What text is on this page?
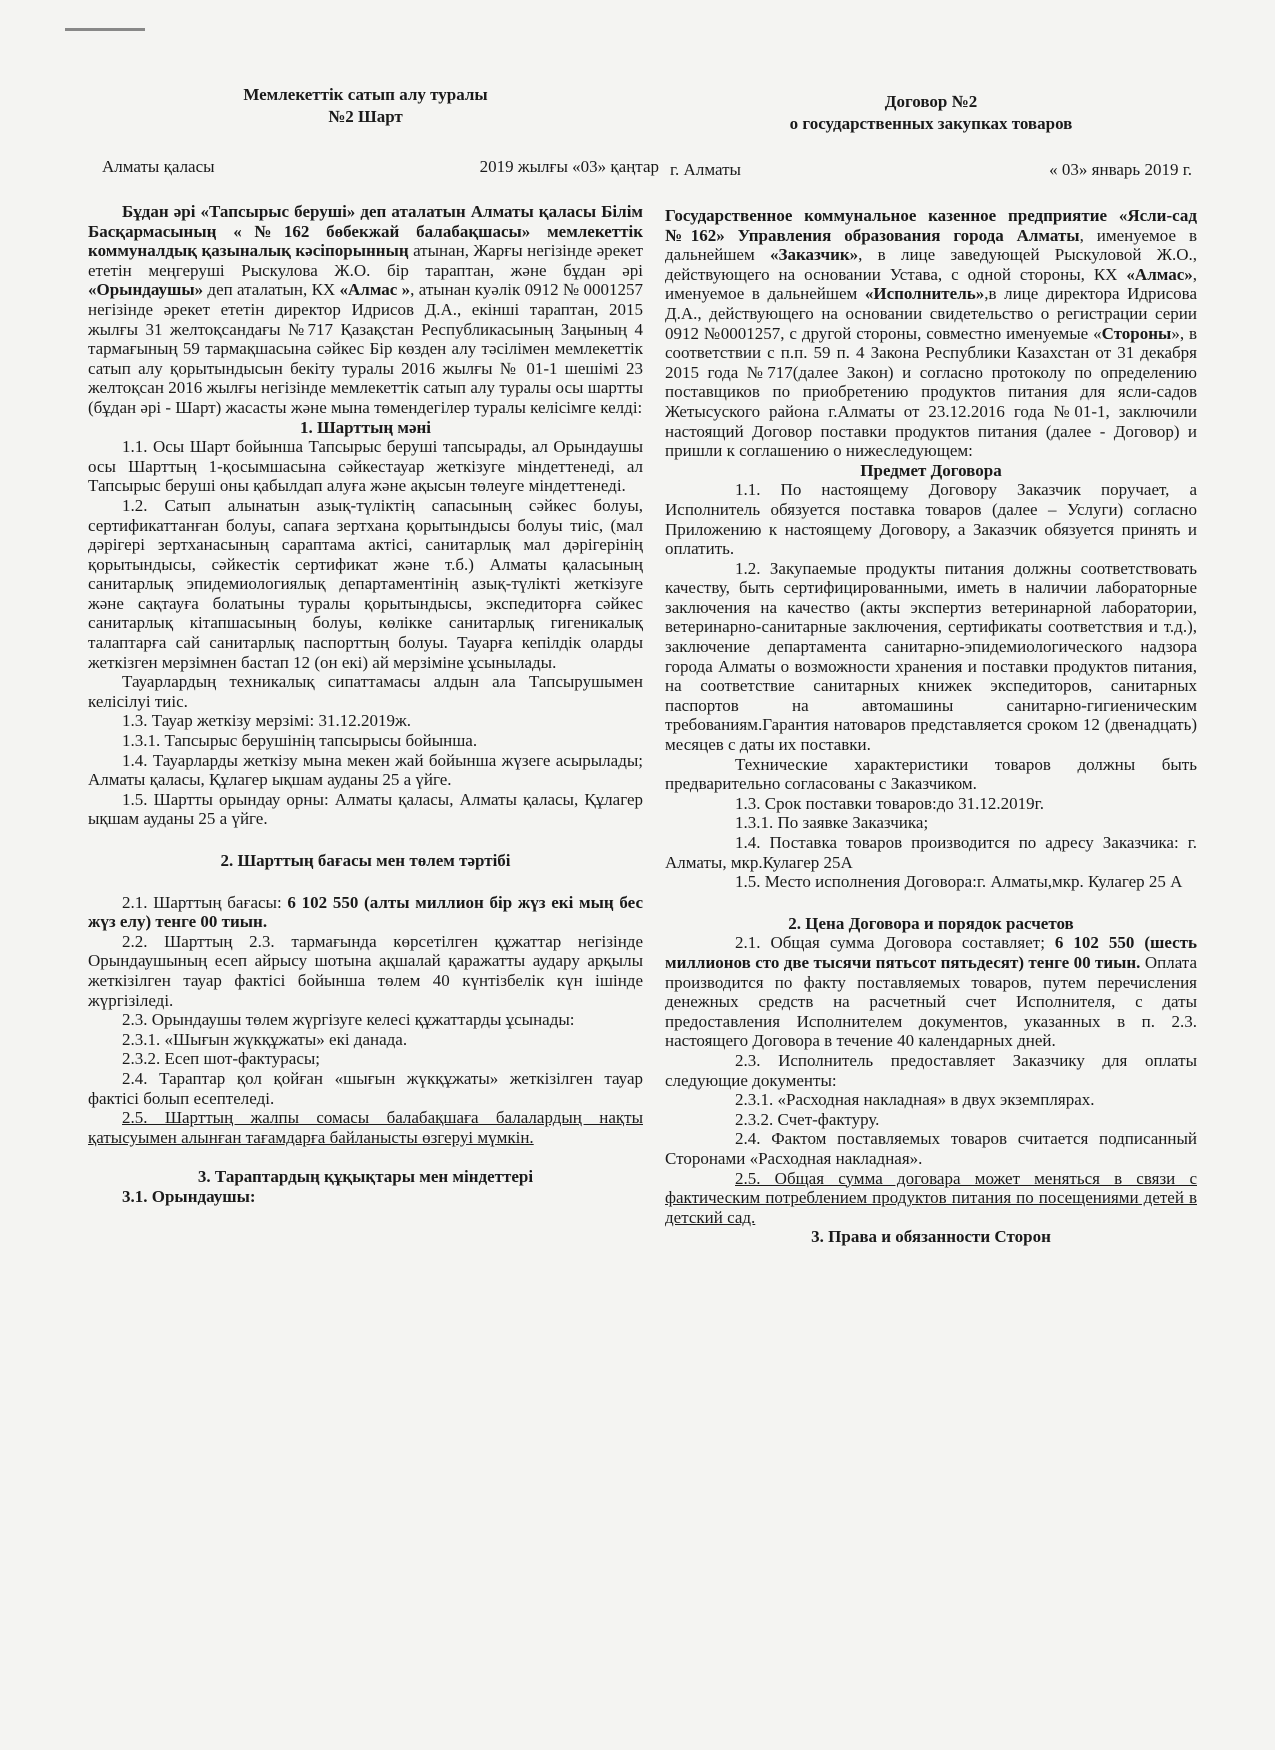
Мемлекеттік сатып алу туралы
№2 Шарт
Алматы қаласы	2019 жылғы «03» қаңтар

Бұдан әрі «Тапсырыс беруші» деп аталатын Алматы қаласы Білім Басқармасының «№162 бөбекжай балабақшасы» мемлекеттік коммуналдық қазыналық кәсіпорынның атынан, Жарғы негізінде әрекет ететін меңгеруші Рыскулова Ж.О. бір тараптан, және бұдан әрі «Орындаушы» деп аталатын, КХ «Алмас », атынан куәлік 0912 № 0001257 негізінде әрекет ететін директор Идрисов Д.А., екінші тараптан, 2015 жылғы 31 желтоқсандағы №717 Қазақстан Республикасының Заңының 4 тармағының 59 тармақшасына сәйкес Бір көзден алу тәсілімен мемлекеттік сатып алу қорытындысын бекіту туралы 2016 жылғы № 01-1 шешімі 23 желтоқсан 2016 жылғы негізінде мемлекеттік сатып алу туралы осы шартты (бұдан әрі - Шарт) жасасты және мына төмендегілер туралы келісімге келді:

1. Шарттың мәні

1.1. Осы Шарт бойынша Тапсырыс беруші тапсырады, ал Орындаушы осы Шарттың 1-қосымшасына сәйкестауар жеткізуге міндеттенеді, ал Тапсырыс беруші оны қабылдап алуға және ақысын төлеуге міндеттенеді.

1.2. Сатып алынатын азық-түліктің сапасының сәйкес болуы, сертификаттанған болуы, сапаға зертхана қорытындысы болуы тиіс, (мал дәрігері зертханасының сараптама актісі, санитарлық мал дәрігерінің қорытындысы, сәйкестік сертификат және т.б.) Алматы қаласының санитарлық эпидемиологиялық департаментінің азық-түлікті жеткізуге және сақтауға болатыны туралы қорытындысы, экспедиторға сәйкес санитарлық кітапшасының болуы, көлікке санитарлық гигеникалық талаптарға сай санитарлық паспорттың болуы. Тауарға кепілдік оларды жеткізген мерзімнен бастап 12 (он екі) ай мерзіміне ұсынылады.

Тауарлардың техникалық сипаттамасы алдын ала Тапсырушымен келісілуі тиіс.

1.3. Тауар жеткізу мерзімі: 31.12.2019ж.

1.3.1. Тапсырыс берушінің тапсырысы бойынша.

1.4. Тауарларды жеткізу мына мекен жай бойынша жүзеге асырылады; Алматы қаласы, Құлагер ықшам ауданы 25 а үйге.

1.5. Шартты орындау орны: Алматы қаласы, Алматы қаласы, Құлагер ықшам ауданы 25 а үйге.

2. Шарттың бағасы мен төлем тәртібі

2.1. Шарттың бағасы: 6 102 550 (алты миллион бір жүз екі мың бес жүз елу) тенге 00 тиын.

2.2. Шарттың 2.3. тармағында көрсетілген құжаттар негізінде Орындаушының есеп айрысу шотына ақшалай қаражатты аудару арқылы жеткізілген тауар фактісі бойынша төлем 40 күнтізбелік күн ішінде жүргізіледі.

2.3. Орындаушы төлем жүргізуге келесі құжаттарды ұсынады:

2.3.1. «Шығын жүкқұжаты» екі данада.

2.3.2. Есеп шот-фактурасы;

2.4. Тараптар қол қойған «шығын жүкқұжаты» жеткізілген тауар фактісі болып есептеледі.

2.5. Шарттың жалпы сомасы балабақшаға балалардың нақты қатысуымен алынған тағамдарға байланысты өзгеруі мүмкін.

3. Тараптардың құқықтары мен міндеттері

3.1. Орындаушы:

Договор №2
о государственных закупках товаров
г. Алматы	« 03» январь 2019 г.

Государственное коммунальное казенное предприятие «Ясли-сад №162» Управления образования города Алматы, именуемое в дальнейшем «Заказчик», в лице заведующей Рыскуловой Ж.О., действующего на основании Устава, с одной стороны, КХ «Алмас», именуемое в дальнейшем «Исполнитель»,в лице директора Идрисова Д.А., действующего на основании свидетельство о регистрации серии 0912 №0001257, с другой стороны, совместно именуемые «Стороны», в соответствии с п.п. 59 п. 4 Закона Республики Казахстан от 31 декабря 2015 года №717(далее Закон) и согласно протоколу по определению поставщиков по приобретению продуктов питания для ясли-садов Жетысуского района г.Алматы от 23.12.2016 года №01-1, заключили настоящий Договор поставки продуктов питания (далее - Договор) и пришли к соглашению о нижеследующем:

Предмет Договора

1.1. По настоящему Договору Заказчик поручает, а Исполнитель обязуется поставка товаров (далее – Услуги) согласно Приложению к настоящему Договору, а Заказчик обязуется принять и оплатить.

1.2. Закупаемые продукты питания должны соответствовать качеству, быть сертифицированными, иметь в наличии лабораторные заключения на качество (акты экспертиз ветеринарной лаборатории, ветеринарно-санитарные заключения, сертификаты соответствия и т.д.), заключение департамента санитарно-эпидемиологического надзора города Алматы о возможности хранения и поставки продуктов питания, на соответствие санитарных книжек экспедиторов, санитарных паспортов на автомашины санитарно-гигиеническим требованиям.Гарантия натоваров представляется сроком 12 (двенадцать) месяцев с даты их поставки.

Технические характеристики товаров должны быть предварительно согласованы с Заказчиком.

1.3. Срок поставки товаров:до 31.12.2019г.

1.3.1. По заявке Заказчика;

1.4. Поставка товаров производится по адресу Заказчика: г. Алматы, мкр.Кулагер 25А

1.5. Место исполнения Договора:г. Алматы,мкр. Кулагер 25 А

2. Цена Договора и порядок расчетов

2.1. Общая сумма Договора составляет; 6 102 550 (шесть миллионов сто две тысячи пятьсот пятьдесят) тенге 00 тиын. Оплата производится по факту поставляемых товаров, путем перечисления денежных средств на расчетный счет Исполнителя, с даты предоставления Исполнителем документов, указанных в п. 2.3. настоящего Договора в течение 40 календарных дней.

2.3. Исполнитель предоставляет Заказчику для оплаты следующие документы:

2.3.1. «Расходная накладная» в двух экземплярах.

2.3.2. Счет-фактуру.

2.4. Фактом поставляемых товаров считается подписанный Сторонами «Расходная накладная».

2.5. Общая сумма договара может меняться в связи с фактическим потреблением продуктов питания по посещениями детей в детский сад.

3. Права и обязанности Сторон
